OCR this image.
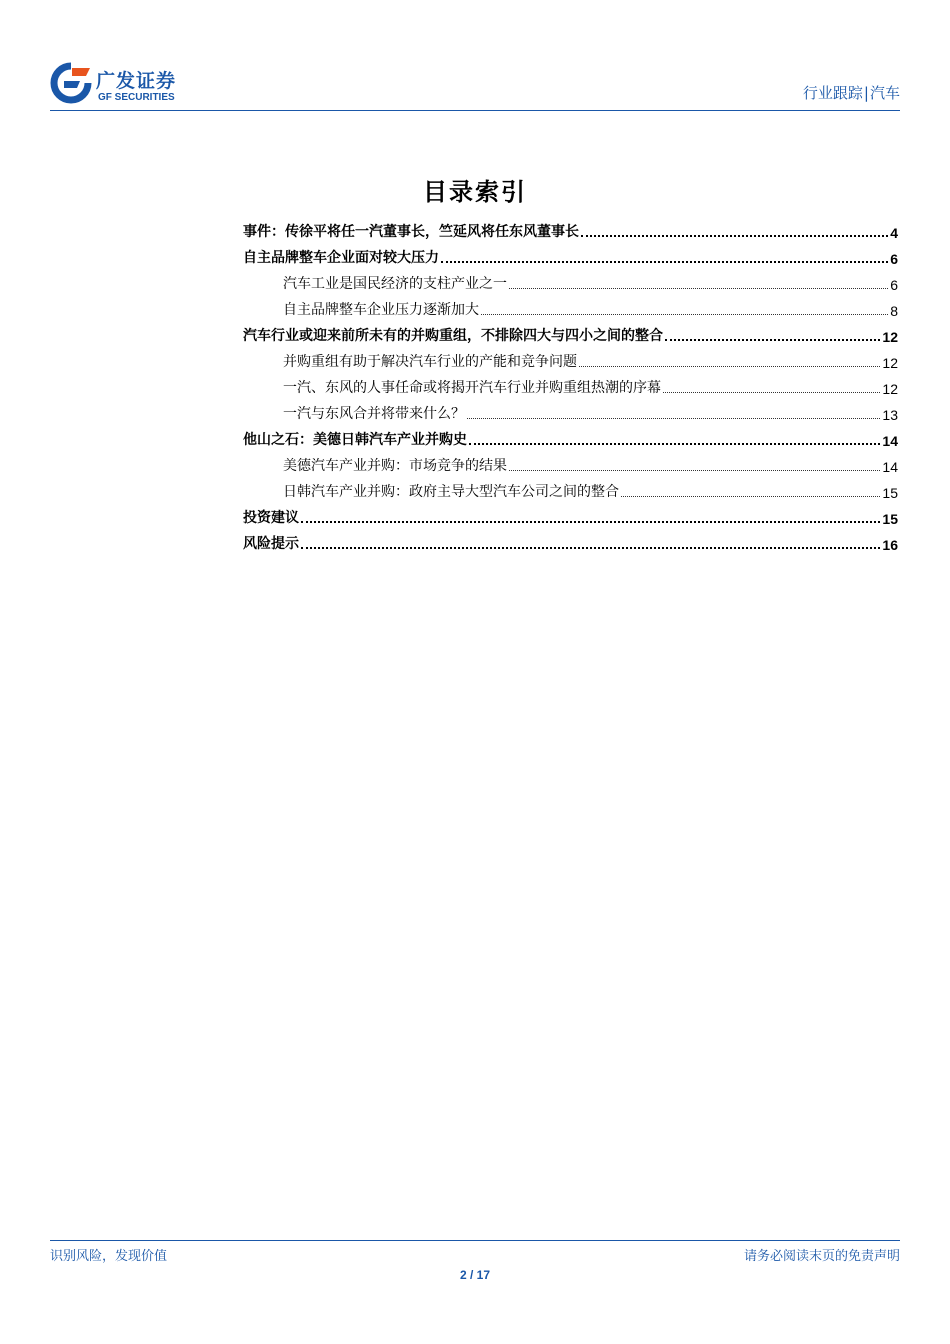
广发证券
GF SECURITIES	行业跟踪|汽车
目录索引
事件：传徐平将任一汽董事长，竺延风将任东风董事长	4
自主品牌整车企业面对较大压力	6
汽车工业是国民经济的支柱产业之一	6
自主品牌整车企业压力逐渐加大	8
汽车行业或迎来前所未有的并购重组，不排除四大与四小之间的整合	12
并购重组有助于解决汽车行业的产能和竞争问题	12
一汽、东风的人事任命或将揭开汽车行业并购重组热潮的序幕	12
一汽与东风合并将带来什么？	13
他山之石：美德日韩汽车产业并购史	14
美德汽车产业并购：市场竞争的结果	14
日韩汽车产业并购：政府主导大型汽车公司之间的整合	15
投资建议	15
风险提示	16
识别风险，发现价值	请务必阅读末页的免责声明
2 / 17
